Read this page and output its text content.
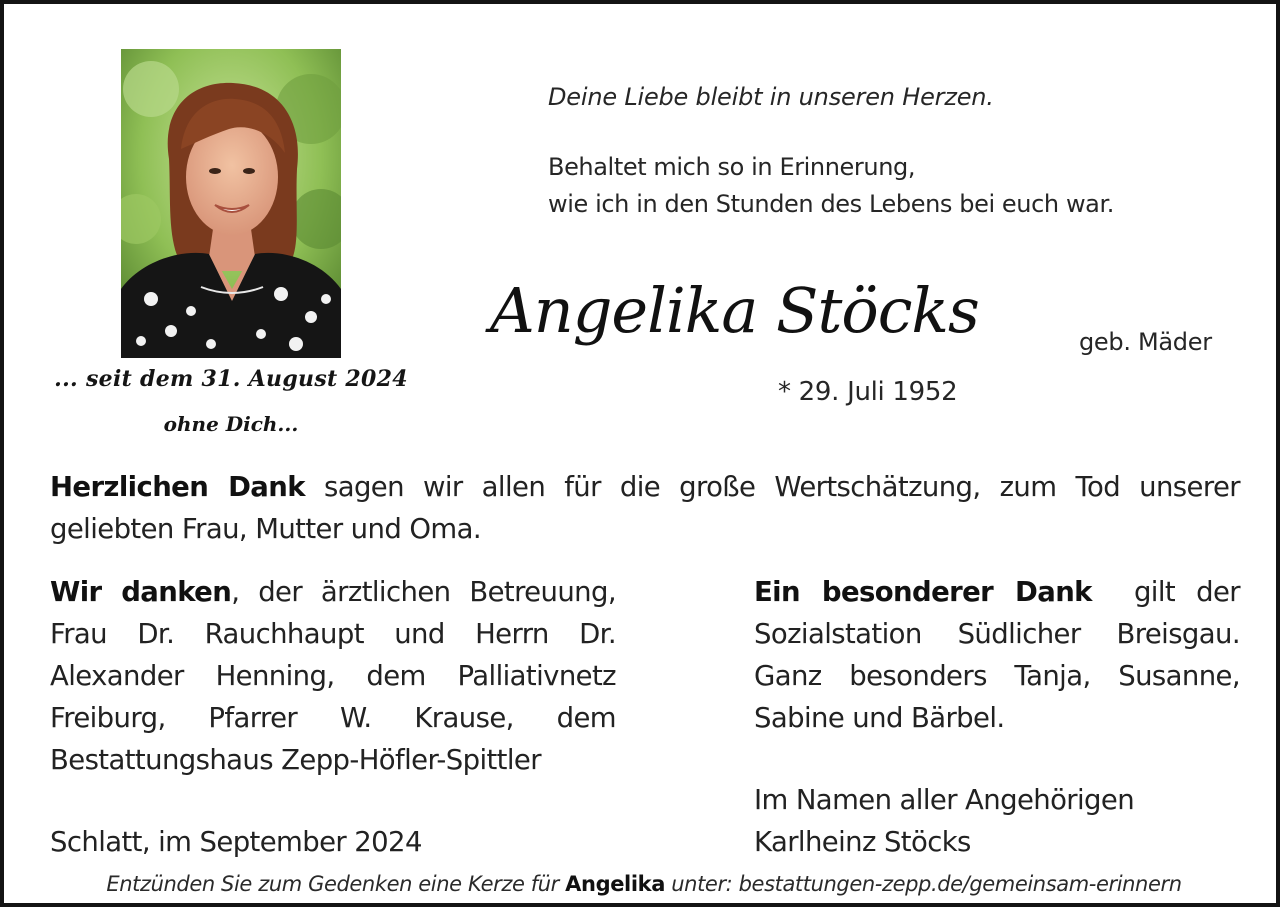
... seit dem 31. August 2024
ohne Dich...
Deine Liebe bleibt in unseren Herzen.
Behaltet mich so in Erinnerung,
wie ich in den Stunden des Lebens bei euch war.
Angelika Stöcks	geb. Mäder
* 29. Juli 1952
Herzlichen Dank sagen wir allen für die große Wertschätzung, zum Tod unserer geliebten Frau, Mutter und Oma.
Wir danken, der ärztlichen Betreuung,
Frau Dr. Rauchhaupt und Herrn Dr.
Alexander Henning, dem Palliativnetz
Freiburg, Pfarrer W. Krause, dem
Bestattungshaus Zepp-Höfler-Spittler
Ein besonderer Dank gilt der
Sozialstation Südlicher Breisgau.
Ganz besonders Tanja, Susanne,
Sabine und Bärbel.
Schlatt, im September 2024
Im Namen aller Angehörigen
Karlheinz Stöcks
Entzünden Sie zum Gedenken eine Kerze für Angelika unter: bestattungen-zepp.de/gemeinsam-erinnern
